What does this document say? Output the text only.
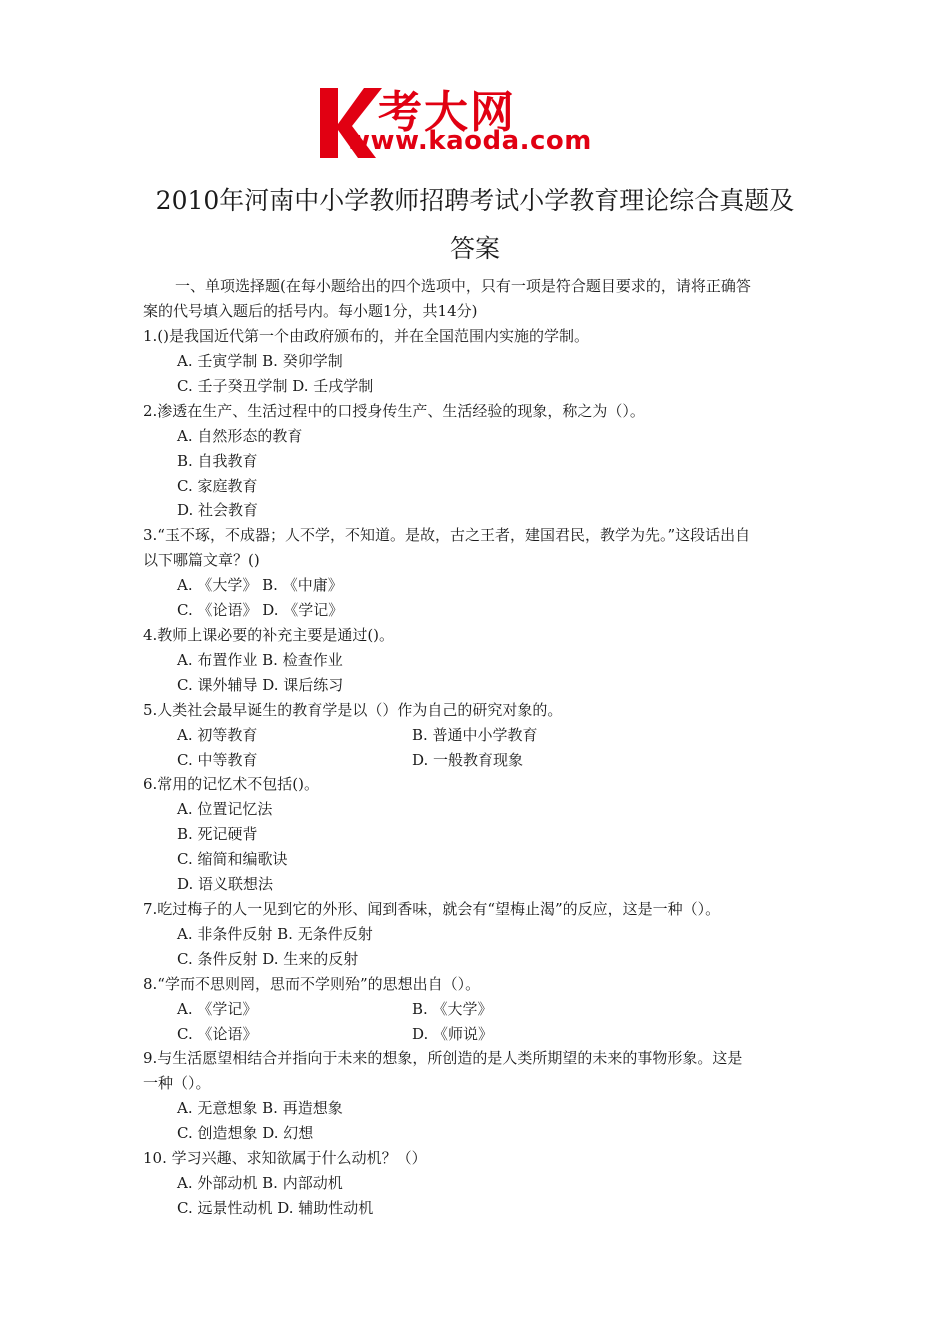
考大网
www.kaoda.com
2010年河南中小学教师招聘考试小学教育理论综合真题及
答案
一、单项选择题(在每小题给出的四个选项中，只有一项是符合题目要求的，请将正确答
案的代号填入题后的括号内。每小题1分，共14分)
1.()是我国近代第一个由政府颁布的，并在全国范围内实施的学制。
A. 壬寅学制 B. 癸卯学制
C. 壬子癸丑学制 D. 壬戌学制
2.渗透在生产、生活过程中的口授身传生产、生活经验的现象，称之为（）。
A. 自然形态的教育
B. 自我教育
C. 家庭教育
D. 社会教育
3.“玉不琢，不成器；人不学，不知道。是故，古之王者，建国君民，教学为先。”这段话出自
以下哪篇文章？()
A. 《大学》 B. 《中庸》
C. 《论语》 D. 《学记》
4.教师上课必要的补充主要是通过()。
A. 布置作业 B. 检查作业
C. 课外辅导 D. 课后练习
5.人类社会最早诞生的教育学是以（）作为自己的研究对象的。
A. 初等教育	B. 普通中小学教育
C. 中等教育	D. 一般教育现象
6.常用的记忆术不包括()。
A. 位置记忆法
B. 死记硬背
C. 缩简和编歌诀
D. 语义联想法
7.吃过梅子的人一见到它的外形、闻到香味，就会有“望梅止渴”的反应，这是一种（）。
A. 非条件反射 B. 无条件反射
C. 条件反射 D. 生来的反射
8.“学而不思则罔，思而不学则殆”的思想出自（）。
A. 《学记》	B. 《大学》
C. 《论语》	D. 《师说》
9.与生活愿望相结合并指向于未来的想象，所创造的是人类所期望的未来的事物形象。这是
一种（）。
A. 无意想象 B. 再造想象
C. 创造想象 D. 幻想
10. 学习兴趣、求知欲属于什么动机？（）
A. 外部动机 B. 内部动机
C. 远景性动机 D. 辅助性动机
